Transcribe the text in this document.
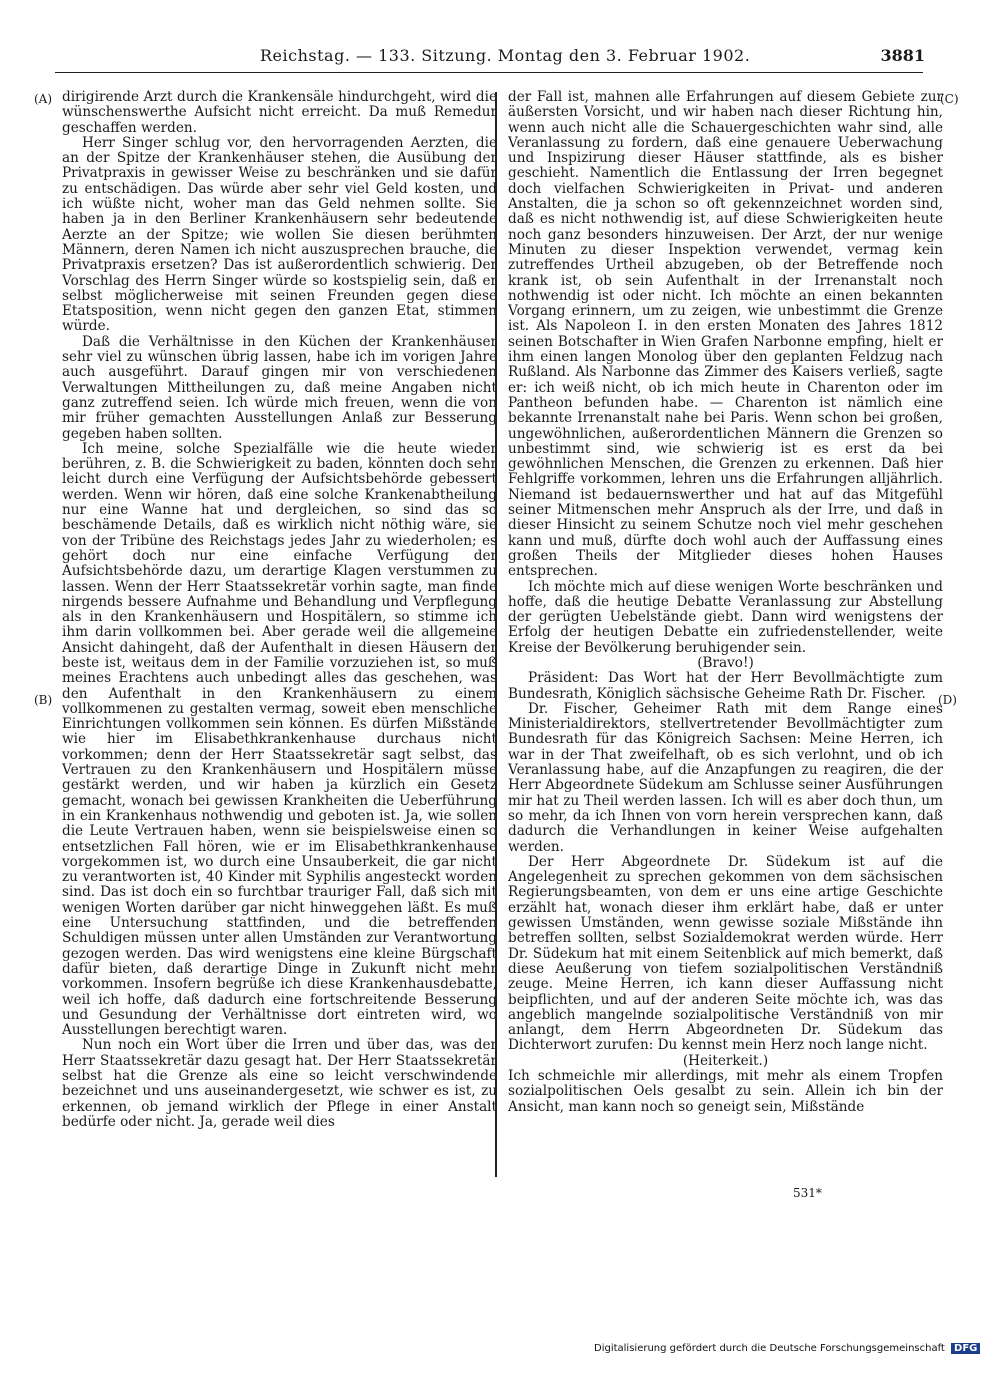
Reichstag. — 133. Sitzung. Montag den 3. Februar 1902.	3881
(A)
(B)
(C)
(D)

dirigirende Arzt durch die Krankensäle hindurchgeht, wird die wünschenswerthe Aufsicht nicht erreicht. Da muß Remedur geschaffen werden.

Herr Singer schlug vor, den hervorragenden Aerzten, die an der Spitze der Krankenhäuser stehen, die Ausübung der Privatpraxis in gewisser Weise zu beschränken und sie dafür zu entschädigen. Das würde aber sehr viel Geld kosten, und ich wüßte nicht, woher man das Geld nehmen sollte. Sie haben ja in den Berliner Krankenhäusern sehr bedeutende Aerzte an der Spitze; wie wollen Sie diesen berühmten Männern, deren Namen ich nicht auszusprechen brauche, die Privatpraxis ersetzen? Das ist außerordentlich schwierig. Der Vorschlag des Herrn Singer würde so kostspielig sein, daß er selbst möglicherweise mit seinen Freunden gegen diese Etatsposition, wenn nicht gegen den ganzen Etat, stimmen würde.

Daß die Verhältnisse in den Küchen der Krankenhäuser sehr viel zu wünschen übrig lassen, habe ich im vorigen Jahre auch ausgeführt. Darauf gingen mir von verschiedenen Verwaltungen Mittheilungen zu, daß meine Angaben nicht ganz zutreffend seien. Ich würde mich freuen, wenn die von mir früher gemachten Ausstellungen Anlaß zur Besserung gegeben haben sollten.

Ich meine, solche Spezialfälle wie die heute wieder berühren, z. B. die Schwierigkeit zu baden, könnten doch sehr leicht durch eine Verfügung der Aufsichtsbehörde gebessert werden. Wenn wir hören, daß eine solche Krankenabtheilung nur eine Wanne hat und dergleichen, so sind das so beschämende Details, daß es wirklich nicht nöthig wäre, sie von der Tribüne des Reichstags jedes Jahr zu wiederholen; es gehört doch nur eine einfache Verfügung der Aufsichtsbehörde dazu, um derartige Klagen verstummen zu lassen. Wenn der Herr Staatssekretär vorhin sagte, man finde nirgends bessere Aufnahme und Behandlung und Verpflegung als in den Krankenhäusern und Hospitälern, so stimme ich ihm darin vollkommen bei. Aber gerade weil die allgemeine Ansicht dahingeht, daß der Aufenthalt in diesen Häusern der beste ist, weitaus dem in der Familie vorzuziehen ist, so muß meines Erachtens auch unbedingt alles das geschehen, was den Aufenthalt in den Krankenhäusern zu einem vollkommenen zu gestalten vermag, soweit eben menschliche Einrichtungen vollkommen sein können. Es dürfen Mißstände wie hier im Elisabethkrankenhause durchaus nicht vorkommen; denn der Herr Staatssekretär sagt selbst, das Vertrauen zu den Krankenhäusern und Hospitälern müsse gestärkt werden, und wir haben ja kürzlich ein Gesetz gemacht, wonach bei gewissen Krankheiten die Ueberführung in ein Krankenhaus nothwendig und geboten ist. Ja, wie sollen die Leute Vertrauen haben, wenn sie beispielsweise einen so entsetzlichen Fall hören, wie er im Elisabethkrankenhause vorgekommen ist, wo durch eine Unsauberkeit, die gar nicht zu verantworten ist, 40 Kinder mit Syphilis angesteckt worden sind. Das ist doch ein so furchtbar trauriger Fall, daß sich mit wenigen Worten darüber gar nicht hinweggehen läßt. Es muß eine Untersuchung stattfinden, und die betreffenden Schuldigen müssen unter allen Umständen zur Verantwortung gezogen werden. Das wird wenigstens eine kleine Bürgschaft dafür bieten, daß derartige Dinge in Zukunft nicht mehr vorkommen. Insofern begrüße ich diese Krankenhausdebatte, weil ich hoffe, daß dadurch eine fortschreitende Besserung und Gesundung der Verhältnisse dort eintreten wird, wo Ausstellungen berechtigt waren.

Nun noch ein Wort über die Irren und über das, was der Herr Staatssekretär dazu gesagt hat. Der Herr Staatssekretär selbst hat die Grenze als eine so leicht verschwindende bezeichnet und uns auseinandergesetzt, wie schwer es ist, zu erkennen, ob jemand wirklich der Pflege in einer Anstalt bedürfe oder nicht. Ja, gerade weil dies

der Fall ist, mahnen alle Erfahrungen auf diesem Gebiete zur äußersten Vorsicht, und wir haben nach dieser Richtung hin, wenn auch nicht alle die Schauergeschichten wahr sind, alle Veranlassung zu fordern, daß eine genauere Ueberwachung und Inspizirung dieser Häuser stattfinde, als es bisher geschieht. Namentlich die Entlassung der Irren begegnet doch vielfachen Schwierigkeiten in Privat- und anderen Anstalten, die ja schon so oft gekennzeichnet worden sind, daß es nicht nothwendig ist, auf diese Schwierigkeiten heute noch ganz besonders hinzuweisen. Der Arzt, der nur wenige Minuten zu dieser Inspektion verwendet, vermag kein zutreffendes Urtheil abzugeben, ob der Betreffende noch krank ist, ob sein Aufenthalt in der Irrenanstalt noch nothwendig ist oder nicht. Ich möchte an einen bekannten Vorgang erinnern, um zu zeigen, wie unbestimmt die Grenze ist. Als Napoleon I. in den ersten Monaten des Jahres 1812 seinen Botschafter in Wien Grafen Narbonne empfing, hielt er ihm einen langen Monolog über den geplanten Feldzug nach Rußland. Als Narbonne das Zimmer des Kaisers verließ, sagte er: ich weiß nicht, ob ich mich heute in Charenton oder im Pantheon befunden habe. — Charenton ist nämlich eine bekannte Irrenanstalt nahe bei Paris. Wenn schon bei großen, ungewöhnlichen, außerordentlichen Männern die Grenzen so unbestimmt sind, wie schwierig ist es erst da bei gewöhnlichen Menschen, die Grenzen zu erkennen. Daß hier Fehlgriffe vorkommen, lehren uns die Erfahrungen alljährlich. Niemand ist bedauernswerther und hat auf das Mitgefühl seiner Mitmenschen mehr Anspruch als der Irre, und daß in dieser Hinsicht zu seinem Schutze noch viel mehr geschehen kann und muß, dürfte doch wohl auch der Auffassung eines großen Theils der Mitglieder dieses hohen Hauses entsprechen.

Ich möchte mich auf diese wenigen Worte beschränken und hoffe, daß die heutige Debatte Veranlassung zur Abstellung der gerügten Uebelstände giebt. Dann wird wenigstens der Erfolg der heutigen Debatte ein zufriedenstellender, weite Kreise der Bevölkerung beruhigender sein.

(Bravo!)

Präsident: Das Wort hat der Herr Bevollmächtigte zum Bundesrath, Königlich sächsische Geheime Rath Dr. Fischer.

Dr. Fischer, Geheimer Rath mit dem Range eines Ministerialdirektors, stellvertretender Bevollmächtigter zum Bundesrath für das Königreich Sachsen: Meine Herren, ich war in der That zweifelhaft, ob es sich verlohnt, und ob ich Veranlassung habe, auf die Anzapfungen zu reagiren, die der Herr Abgeordnete Südekum am Schlusse seiner Ausführungen mir hat zu Theil werden lassen. Ich will es aber doch thun, um so mehr, da ich Ihnen von vorn herein versprechen kann, daß dadurch die Verhandlungen in keiner Weise aufgehalten werden.

Der Herr Abgeordnete Dr. Südekum ist auf die Angelegenheit zu sprechen gekommen von dem sächsischen Regierungsbeamten, von dem er uns eine artige Geschichte erzählt hat, wonach dieser ihm erklärt habe, daß er unter gewissen Umständen, wenn gewisse soziale Mißstände ihn betreffen sollten, selbst Sozialdemokrat werden würde. Herr Dr. Südekum hat mit einem Seitenblick auf mich bemerkt, daß diese Aeußerung von tiefem sozialpolitischen Verständniß zeuge. Meine Herren, ich kann dieser Auffassung nicht beipflichten, und auf der anderen Seite möchte ich, was das angeblich mangelnde sozialpolitische Verständniß von mir anlangt, dem Herrn Abgeordneten Dr. Südekum das Dichterwort zurufen: Du kennst mein Herz noch lange nicht.

(Heiterkeit.)

Ich schmeichle mir allerdings, mit mehr als einem Tropfen sozialpolitischen Oels gesalbt zu sein. Allein ich bin der Ansicht, man kann noch so geneigt sein, Mißstände

531*
Digitalisierung gefördert durch die Deutsche Forschungsgemeinschaft DFG
